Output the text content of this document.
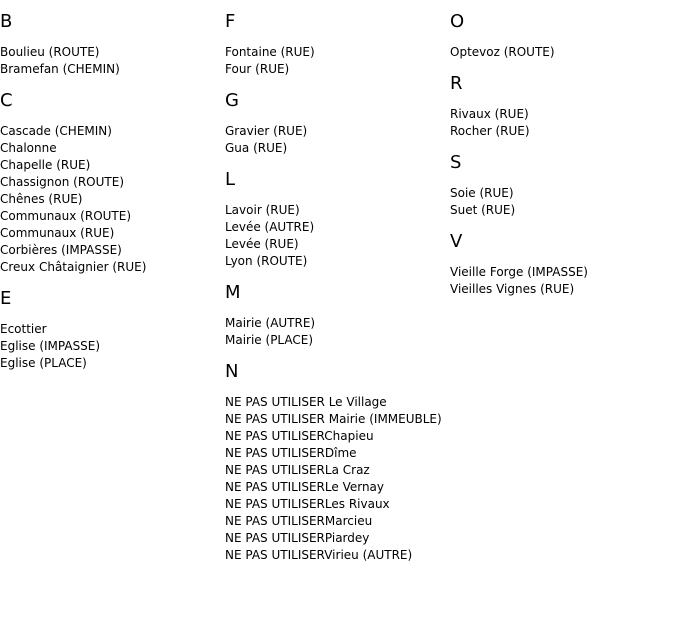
B
Boulieu (ROUTE)
Bramefan (CHEMIN)
C
Cascade (CHEMIN)
Chalonne
Chapelle (RUE)
Chassignon (ROUTE)
Chênes (RUE)
Communaux (ROUTE)
Communaux (RUE)
Corbières (IMPASSE)
Creux Châtaignier (RUE)
E
Ecottier
Eglise (IMPASSE)
Eglise (PLACE)
F
Fontaine (RUE)
Four (RUE)
G
Gravier (RUE)
Gua (RUE)
L
Lavoir (RUE)
Levée (AUTRE)
Levée (RUE)
Lyon (ROUTE)
M
Mairie (AUTRE)
Mairie (PLACE)
N
NE PAS UTILISER Le Village
NE PAS UTILISER Mairie (IMMEUBLE)
NE PAS UTILISERChapieu
NE PAS UTILISERDîme
NE PAS UTILISERLa Craz
NE PAS UTILISERLe Vernay
NE PAS UTILISERLes Rivaux
NE PAS UTILISERMarcieu
NE PAS UTILISERPiardey
NE PAS UTILISERVirieu (AUTRE)
O
Optevoz (ROUTE)
R
Rivaux (RUE)
Rocher (RUE)
S
Soie (RUE)
Suet (RUE)
V
Vieille Forge (IMPASSE)
Vieilles Vignes (RUE)
